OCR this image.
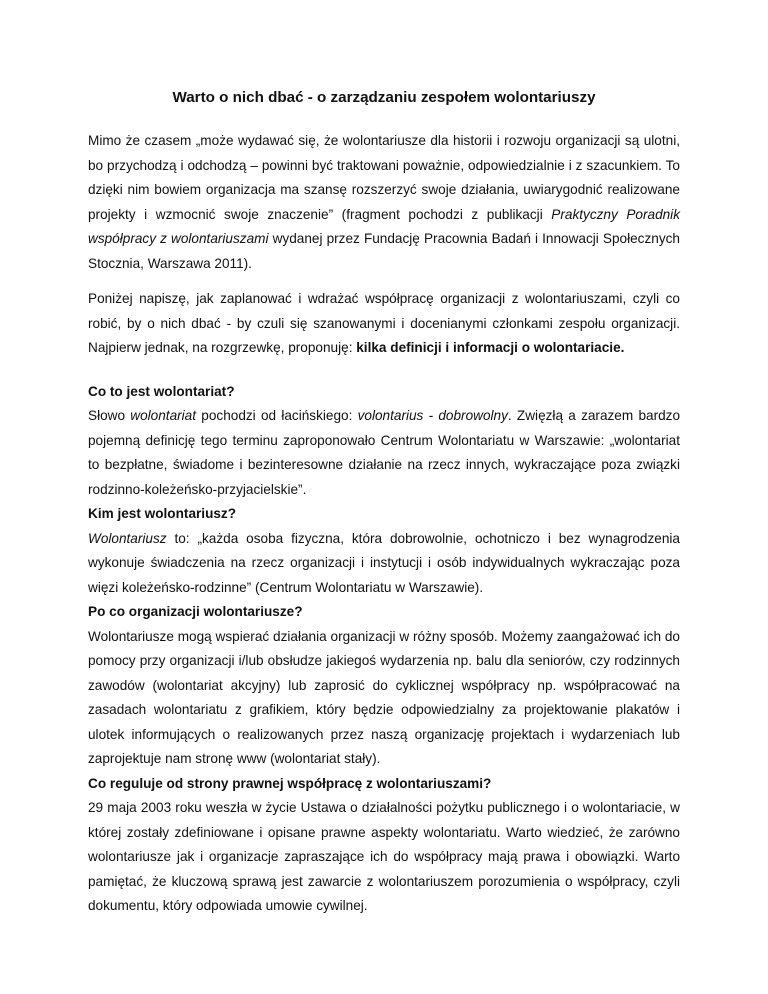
Warto o nich dbać - o zarządzaniu zespołem wolontariuszy

Mimo że czasem „może wydawać się, że wolontariusze dla historii i rozwoju organizacji są ulotni, bo przychodzą i odchodzą – powinni być traktowani poważnie, odpowiedzialnie i z szacunkiem. To dzięki nim bowiem organizacja ma szansę rozszerzyć swoje działania, uwiarygodnić realizowane projekty i wzmocnić swoje znaczenie” (fragment pochodzi z publikacji Praktyczny Poradnik współpracy z wolontariuszami wydanej przez Fundację Pracownia Badań i Innowacji Społecznych Stocznia, Warszawa 2011).

Poniżej napiszę, jak zaplanować i wdrażać współpracę organizacji z wolontariuszami, czyli co robić, by o nich dbać - by czuli się szanowanymi i docenianymi członkami zespołu organizacji. Najpierw jednak, na rozgrzewkę, proponuję: kilka definicji i informacji o wolontariacie.

Co to jest wolontariat?

Słowo wolontariat pochodzi od łacińskiego: volontarius - dobrowolny. Zwięzłą a zarazem bardzo pojemną definicję tego terminu zaproponowało Centrum Wolontariatu w Warszawie: „wolontariat to bezpłatne, świadome i bezinteresowne działanie na rzecz innych, wykraczające poza związki rodzinno-koleżeńsko-przyjacielskie”.

Kim jest wolontariusz?

Wolontariusz to: „każda osoba fizyczna, która dobrowolnie, ochotniczo i bez wynagrodzenia wykonuje świadczenia na rzecz organizacji i instytucji i osób indywidualnych wykraczając poza więzi koleżeńsko-rodzinne” (Centrum Wolontariatu w Warszawie).

Po co organizacji wolontariusze?

Wolontariusze mogą wspierać działania organizacji w różny sposób. Możemy zaangażować ich do pomocy przy organizacji i/lub obsłudze jakiegoś wydarzenia np. balu dla seniorów, czy rodzinnych zawodów (wolontariat akcyjny) lub zaprosić do cyklicznej współpracy np. współpracować na zasadach wolontariatu z grafikiem, który będzie odpowiedzialny za projektowanie plakatów i ulotek informujących o realizowanych przez naszą organizację projektach i wydarzeniach lub zaprojektuje nam stronę www (wolontariat stały).

Co reguluje od strony prawnej współpracę z wolontariuszami?

29 maja 2003 roku weszła w życie Ustawa o działalności pożytku publicznego i o wolontariacie, w której zostały zdefiniowane i opisane prawne aspekty wolontariatu. Warto wiedzieć, że zarówno wolontariusze jak i organizacje zapraszające ich do współpracy mają prawa i obowiązki. Warto pamiętać, że kluczową sprawą jest zawarcie z wolontariuszem porozumienia o współpracy, czyli dokumentu, który odpowiada umowie cywilnej.
